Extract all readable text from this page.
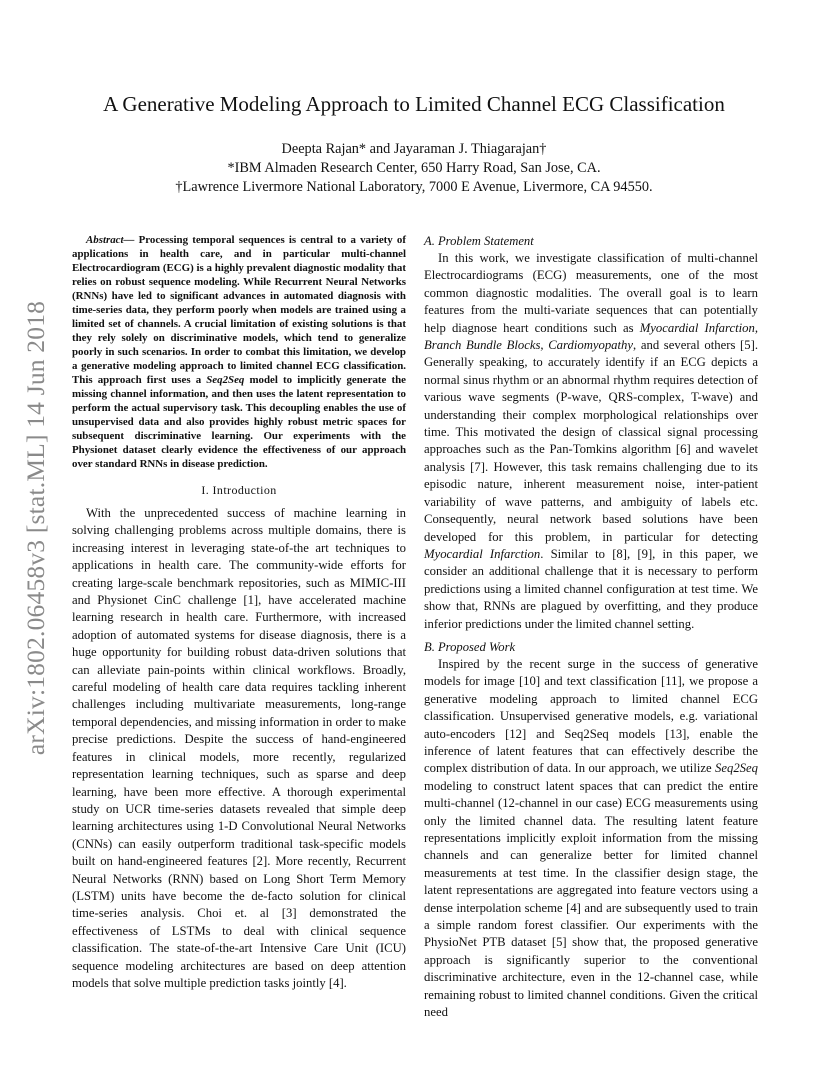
arXiv:1802.06458v3 [stat.ML] 14 Jun 2018
A Generative Modeling Approach to Limited Channel ECG Classification
Deepta Rajan* and Jayaraman J. Thiagarajan†
*IBM Almaden Research Center, 650 Harry Road, San Jose, CA.
†Lawrence Livermore National Laboratory, 7000 E Avenue, Livermore, CA 94550.

Abstract— Processing temporal sequences is central to a variety of applications in health care, and in particular multi-channel Electrocardiogram (ECG) is a highly prevalent diagnostic modality that relies on robust sequence modeling. While Recurrent Neural Networks (RNNs) have led to significant advances in automated diagnosis with time-series data, they perform poorly when models are trained using a limited set of channels. A crucial limitation of existing solutions is that they rely solely on discriminative models, which tend to generalize poorly in such scenarios. In order to combat this limitation, we develop a generative modeling approach to limited channel ECG classification. This approach first uses a Seq2Seq model to implicitly generate the missing channel information, and then uses the latent representation to perform the actual supervisory task. This decoupling enables the use of unsupervised data and also provides highly robust metric spaces for subsequent discriminative learning. Our experiments with the Physionet dataset clearly evidence the effectiveness of our approach over standard RNNs in disease prediction.

I. Introduction

With the unprecedented success of machine learning in solving challenging problems across multiple domains, there is increasing interest in leveraging state-of-the art techniques to applications in health care. The community-wide efforts for creating large-scale benchmark repositories, such as MIMIC-III and Physionet CinC challenge [1], have accelerated machine learning research in health care. Furthermore, with increased adoption of automated systems for disease diagnosis, there is a huge opportunity for building robust data-driven solutions that can alleviate pain-points within clinical workflows. Broadly, careful modeling of health care data requires tackling inherent challenges including multivariate measurements, long-range temporal dependencies, and missing information in order to make precise predictions. Despite the success of hand-engineered features in clinical models, more recently, regularized representation learning techniques, such as sparse and deep learning, have been more effective. A thorough experimental study on UCR time-series datasets revealed that simple deep learning architectures using 1-D Convolutional Neural Networks (CNNs) can easily outperform traditional task-specific models built on hand-engineered features [2]. More recently, Recurrent Neural Networks (RNN) based on Long Short Term Memory (LSTM) units have become the de-facto solution for clinical time-series analysis. Choi et. al [3] demonstrated the effectiveness of LSTMs to deal with clinical sequence classification. The state-of-the-art Intensive Care Unit (ICU) sequence modeling architectures are based on deep attention models that solve multiple prediction tasks jointly [4].

A. Problem Statement

In this work, we investigate classification of multi-channel Electrocardiograms (ECG) measurements, one of the most common diagnostic modalities. The overall goal is to learn features from the multi-variate sequences that can potentially help diagnose heart conditions such as Myocardial Infarction, Branch Bundle Blocks, Cardiomyopathy, and several others [5]. Generally speaking, to accurately identify if an ECG depicts a normal sinus rhythm or an abnormal rhythm requires detection of various wave segments (P-wave, QRS-complex, T-wave) and understanding their complex morphological relationships over time. This motivated the design of classical signal processing approaches such as the Pan-Tomkins algorithm [6] and wavelet analysis [7]. However, this task remains challenging due to its episodic nature, inherent measurement noise, inter-patient variability of wave patterns, and ambiguity of labels etc. Consequently, neural network based solutions have been developed for this problem, in particular for detecting Myocardial Infarction. Similar to [8], [9], in this paper, we consider an additional challenge that it is necessary to perform predictions using a limited channel configuration at test time. We show that, RNNs are plagued by overfitting, and they produce inferior predictions under the limited channel setting.

B. Proposed Work

Inspired by the recent surge in the success of generative models for image [10] and text classification [11], we propose a generative modeling approach to limited channel ECG classification. Unsupervised generative models, e.g. variational auto-encoders [12] and Seq2Seq models [13], enable the inference of latent features that can effectively describe the complex distribution of data. In our approach, we utilize Seq2Seq modeling to construct latent spaces that can predict the entire multi-channel (12-channel in our case) ECG measurements using only the limited channel data. The resulting latent feature representations implicitly exploit information from the missing channels and can generalize better for limited channel measurements at test time. In the classifier design stage, the latent representations are aggregated into feature vectors using a dense interpolation scheme [4] and are subsequently used to train a simple random forest classifier. Our experiments with the PhysioNet PTB dataset [5] show that, the proposed generative approach is significantly superior to the conventional discriminative architecture, even in the 12-channel case, while remaining robust to limited channel conditions. Given the critical need
